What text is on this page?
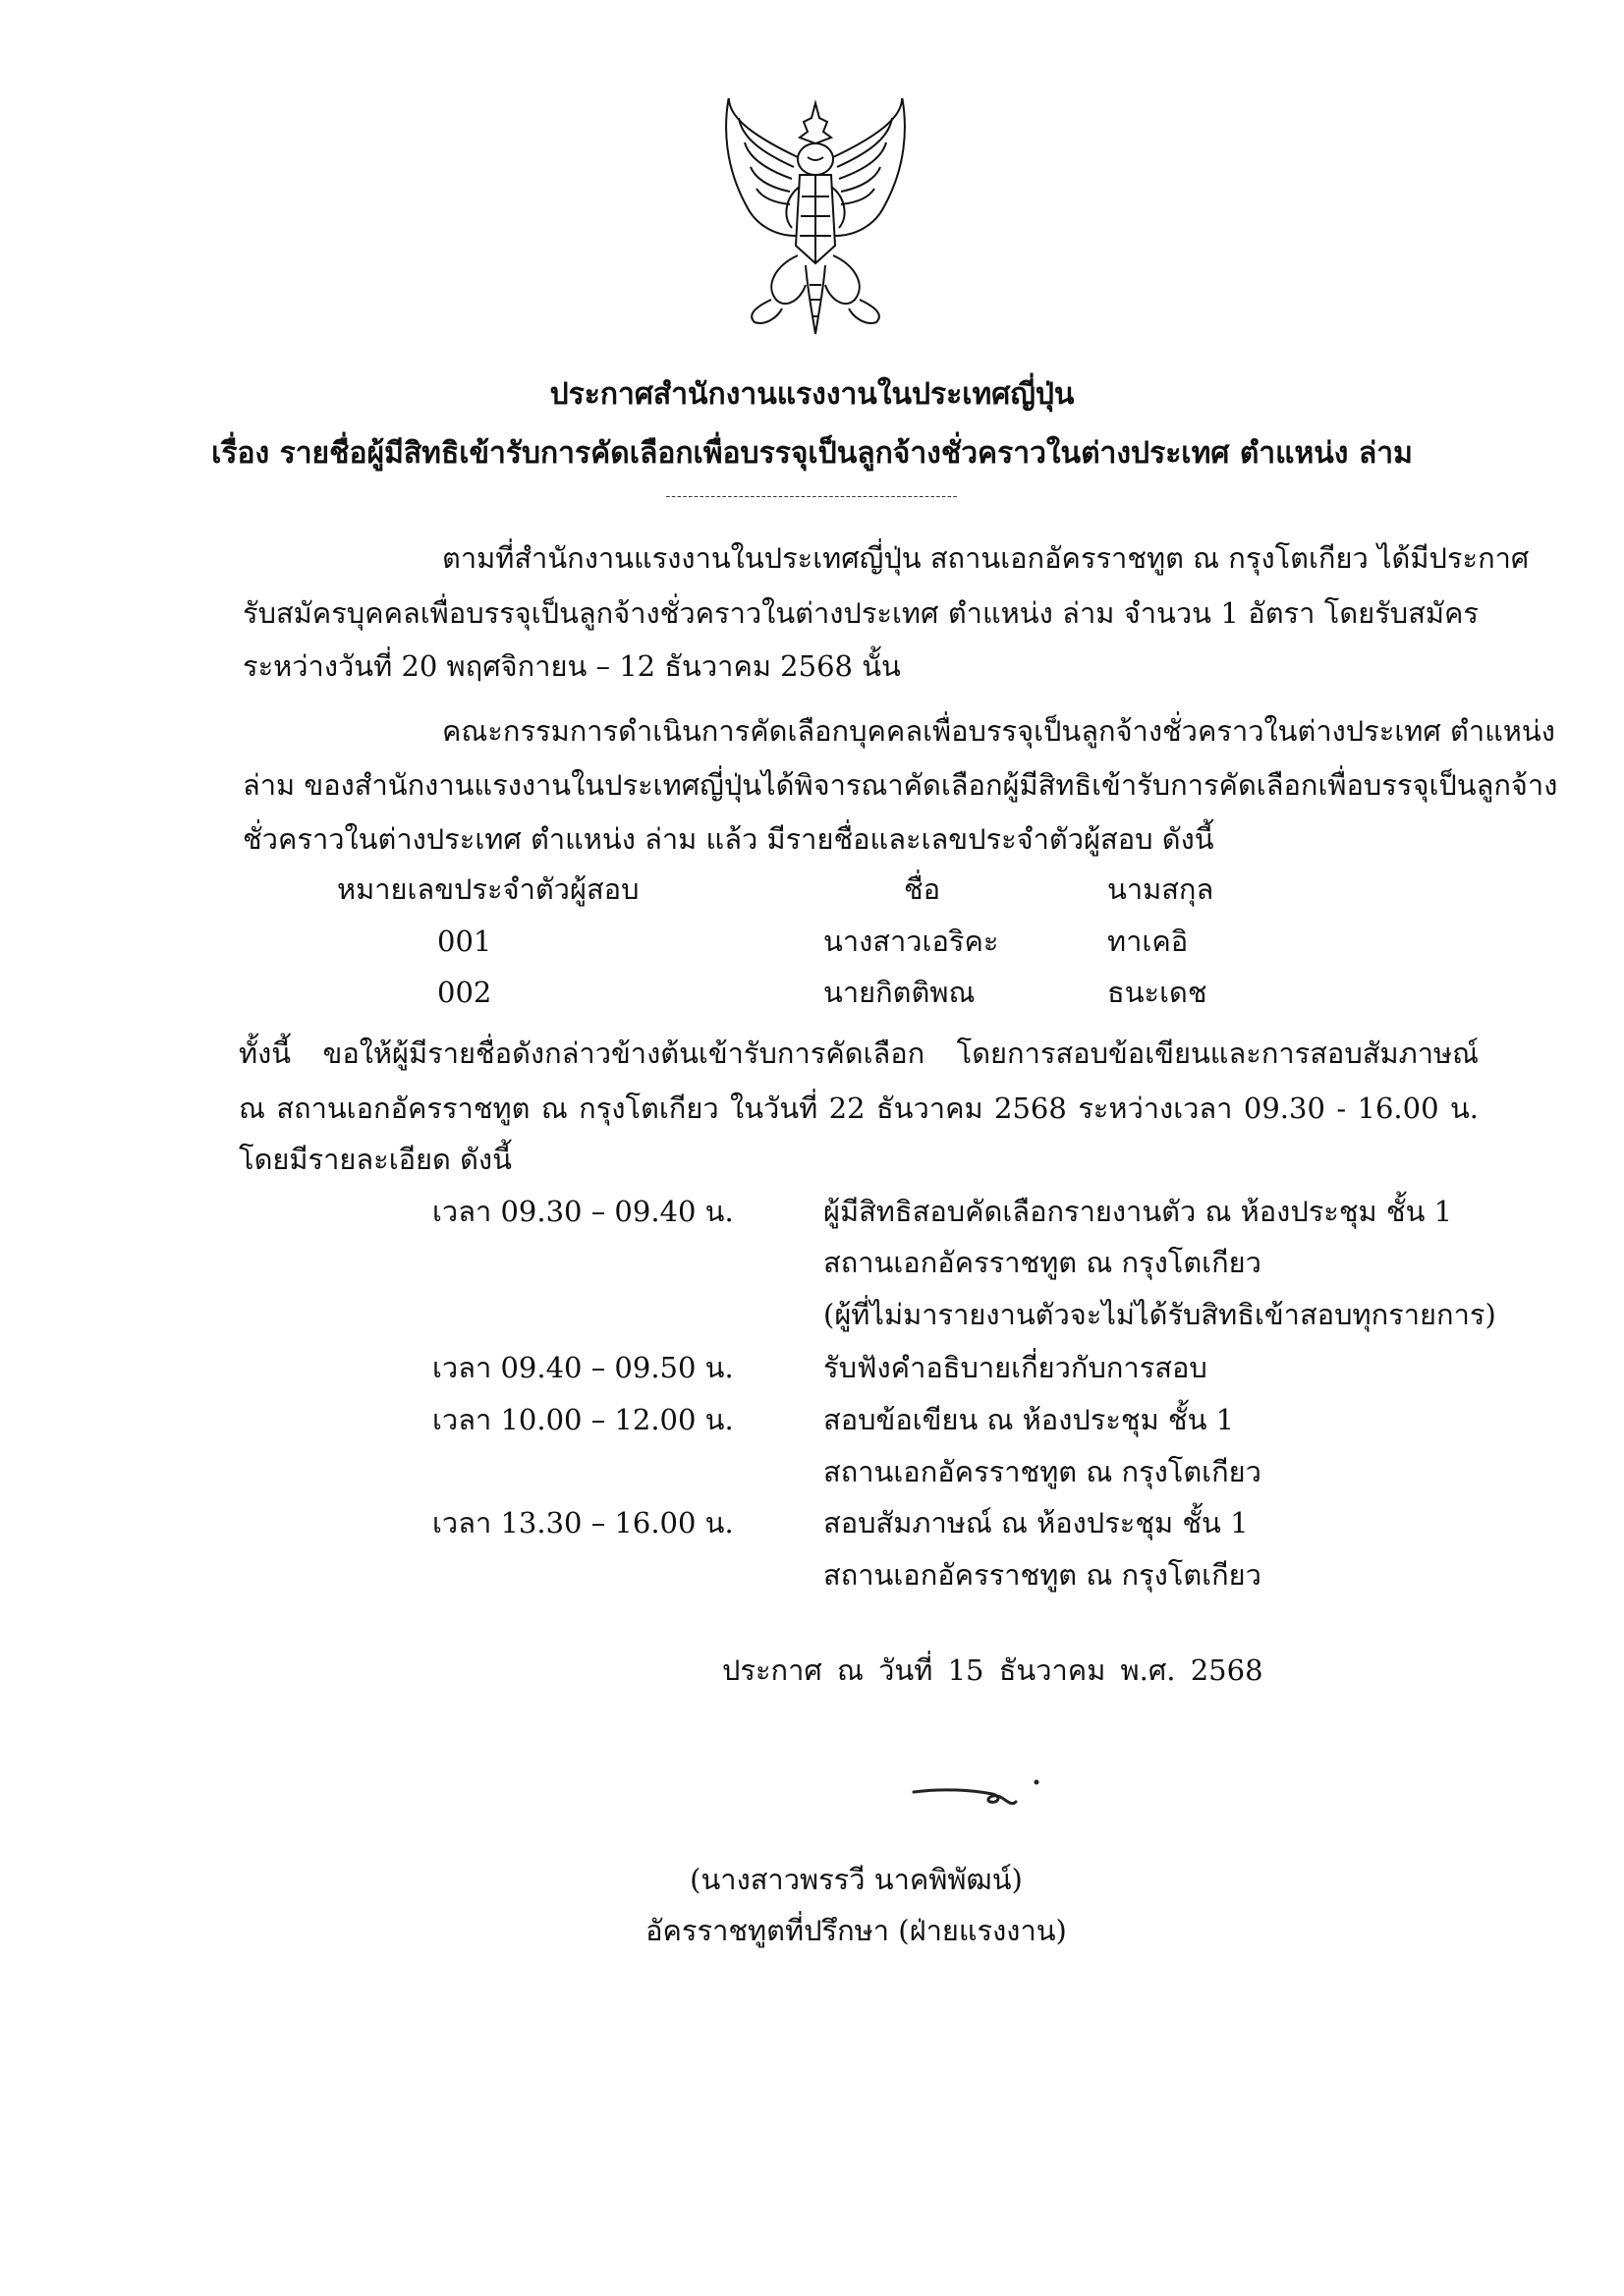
ประกาศสำนักงานแรงงานในประเทศญี่ปุ่น
เรื่อง รายชื่อผู้มีสิทธิเข้ารับการคัดเลือกเพื่อบรรจุเป็นลูกจ้างชั่วคราวในต่างประเทศ ตำแหน่ง ล่าม
----------------------------------------------------
ตามที่สำนักงานแรงงานในประเทศญี่ปุ่น สถานเอกอัครราชทูต ณ กรุงโตเกียว ได้มีประกาศ
รับสมัครบุคคลเพื่อบรรจุเป็นลูกจ้างชั่วคราวในต่างประเทศ ตำแหน่ง ล่าม จำนวน 1 อัตรา โดยรับสมัคร
ระหว่างวันที่ 20 พฤศจิกายน – 12 ธันวาคม 2568 นั้น
คณะกรรมการดำเนินการคัดเลือกบุคคลเพื่อบรรจุเป็นลูกจ้างชั่วคราวในต่างประเทศ ตำแหน่ง
ล่าม ของสำนักงานแรงงานในประเทศญี่ปุ่นได้พิจารณาคัดเลือกผู้มีสิทธิเข้ารับการคัดเลือกเพื่อบรรจุเป็นลูกจ้าง
ชั่วคราวในต่างประเทศ ตำแหน่ง ล่าม แล้ว มีรายชื่อและเลขประจำตัวผู้สอบ ดังนี้
หมายเลขประจำตัวผู้สอบ	ชื่อ	นามสกุล
001	นางสาวเอริคะ	ทาเคอิ
002	นายกิตติพณ	ธนะเดช
ทั้งนี้ ขอให้ผู้มีรายชื่อดังกล่าวข้างต้นเข้ารับการคัดเลือก โดยการสอบข้อเขียนและการสอบสัมภาษณ์
ณ สถานเอกอัครราชทูต ณ กรุงโตเกียว ในวันที่ 22 ธันวาคม 2568 ระหว่างเวลา 09.30 - 16.00 น.
โดยมีรายละเอียด ดังนี้
เวลา 09.30 – 09.40 น.	ผู้มีสิทธิสอบคัดเลือกรายงานตัว ณ ห้องประชุม ชั้น 1
สถานเอกอัครราชทูต ณ กรุงโตเกียว
(ผู้ที่ไม่มารายงานตัวจะไม่ได้รับสิทธิเข้าสอบทุกรายการ)
เวลา 09.40 – 09.50 น.	รับฟังคำอธิบายเกี่ยวกับการสอบ
เวลา 10.00 – 12.00 น.	สอบข้อเขียน ณ ห้องประชุม ชั้น 1
สถานเอกอัครราชทูต ณ กรุงโตเกียว
เวลา 13.30 – 16.00 น.	สอบสัมภาษณ์ ณ ห้องประชุม ชั้น 1
สถานเอกอัครราชทูต ณ กรุงโตเกียว
ประกาศ ณ วันที่ 15 ธันวาคม พ.ศ. 2568
(นางสาวพรรวี นาคพิพัฒน์)
อัครราชทูตที่ปรึกษา (ฝ่ายแรงงาน)
